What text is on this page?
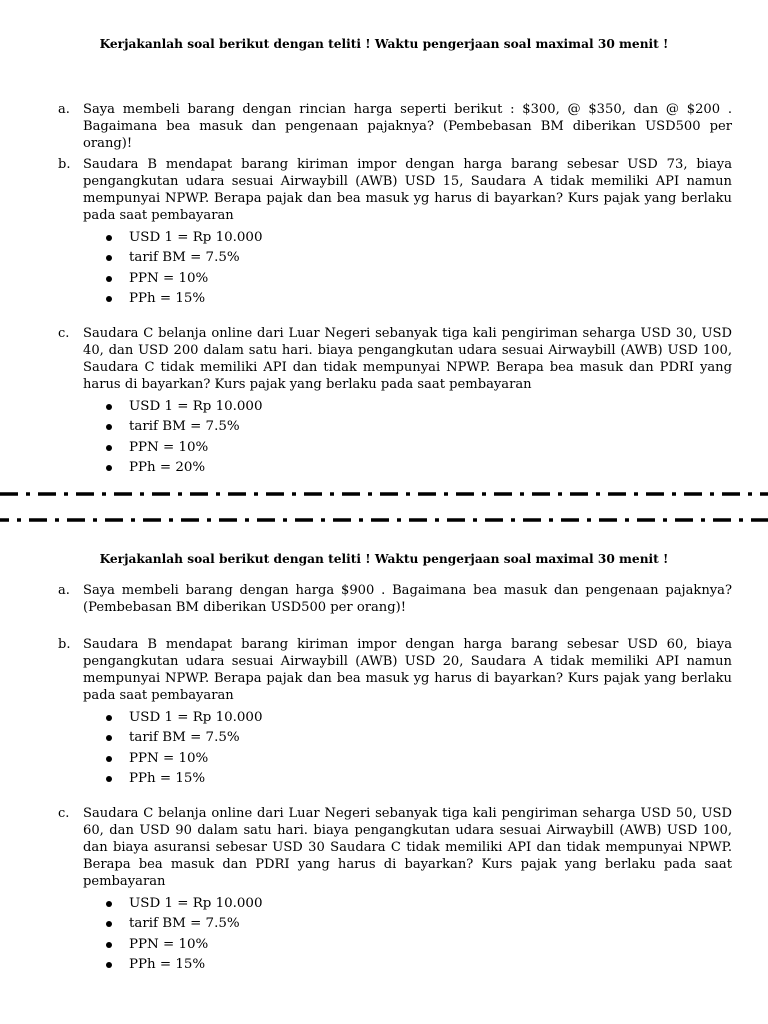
Kerjakanlah soal berikut dengan teliti ! Waktu pengerjaan soal maximal 30 menit !
a. Saya membeli barang dengan rincian harga seperti berikut : $300, @ $350, dan @ $200 . Bagaimana bea masuk dan pengenaan pajaknya? (Pembebasan BM diberikan USD500 per orang)!
b. Saudara B mendapat barang kiriman impor dengan harga barang sebesar USD 73, biaya pengangkutan udara sesuai Airwaybill (AWB) USD 15, Saudara A tidak memiliki API namun mempunyai NPWP. Berapa pajak dan bea masuk yg harus di bayarkan? Kurs pajak yang berlaku pada saat pembayaran
USD 1 = Rp 10.000
tarif BM = 7.5%
PPN = 10%
PPh = 15%
c. Saudara C belanja online dari Luar Negeri sebanyak tiga kali pengiriman seharga USD 30, USD 40, dan USD 200 dalam satu hari. biaya pengangkutan udara sesuai Airwaybill (AWB) USD 100, Saudara C tidak memiliki API dan tidak mempunyai NPWP. Berapa bea masuk dan PDRI yang harus di bayarkan? Kurs pajak yang berlaku pada saat pembayaran
USD 1 = Rp 10.000
tarif BM = 7.5%
PPN = 10%
PPh = 20%
Kerjakanlah soal berikut dengan teliti ! Waktu pengerjaan soal maximal 30 menit !
a. Saya membeli barang dengan harga $900 . Bagaimana bea masuk dan pengenaan pajaknya? (Pembebasan BM diberikan USD500 per orang)!
b. Saudara B mendapat barang kiriman impor dengan harga barang sebesar USD 60, biaya pengangkutan udara sesuai Airwaybill (AWB) USD 20, Saudara A tidak memiliki API namun mempunyai NPWP. Berapa pajak dan bea masuk yg harus di bayarkan? Kurs pajak yang berlaku pada saat pembayaran
USD 1 = Rp 10.000
tarif BM = 7.5%
PPN = 10%
PPh = 15%
c. Saudara C belanja online dari Luar Negeri sebanyak tiga kali pengiriman seharga USD 50, USD 60, dan USD 90 dalam satu hari. biaya pengangkutan udara sesuai Airwaybill (AWB) USD 100, dan biaya asuransi sebesar USD 30 Saudara C tidak memiliki API dan tidak mempunyai NPWP. Berapa bea masuk dan PDRI yang harus di bayarkan? Kurs pajak yang berlaku pada saat pembayaran
USD 1 = Rp 10.000
tarif BM = 7.5%
PPN = 10%
PPh = 15%
